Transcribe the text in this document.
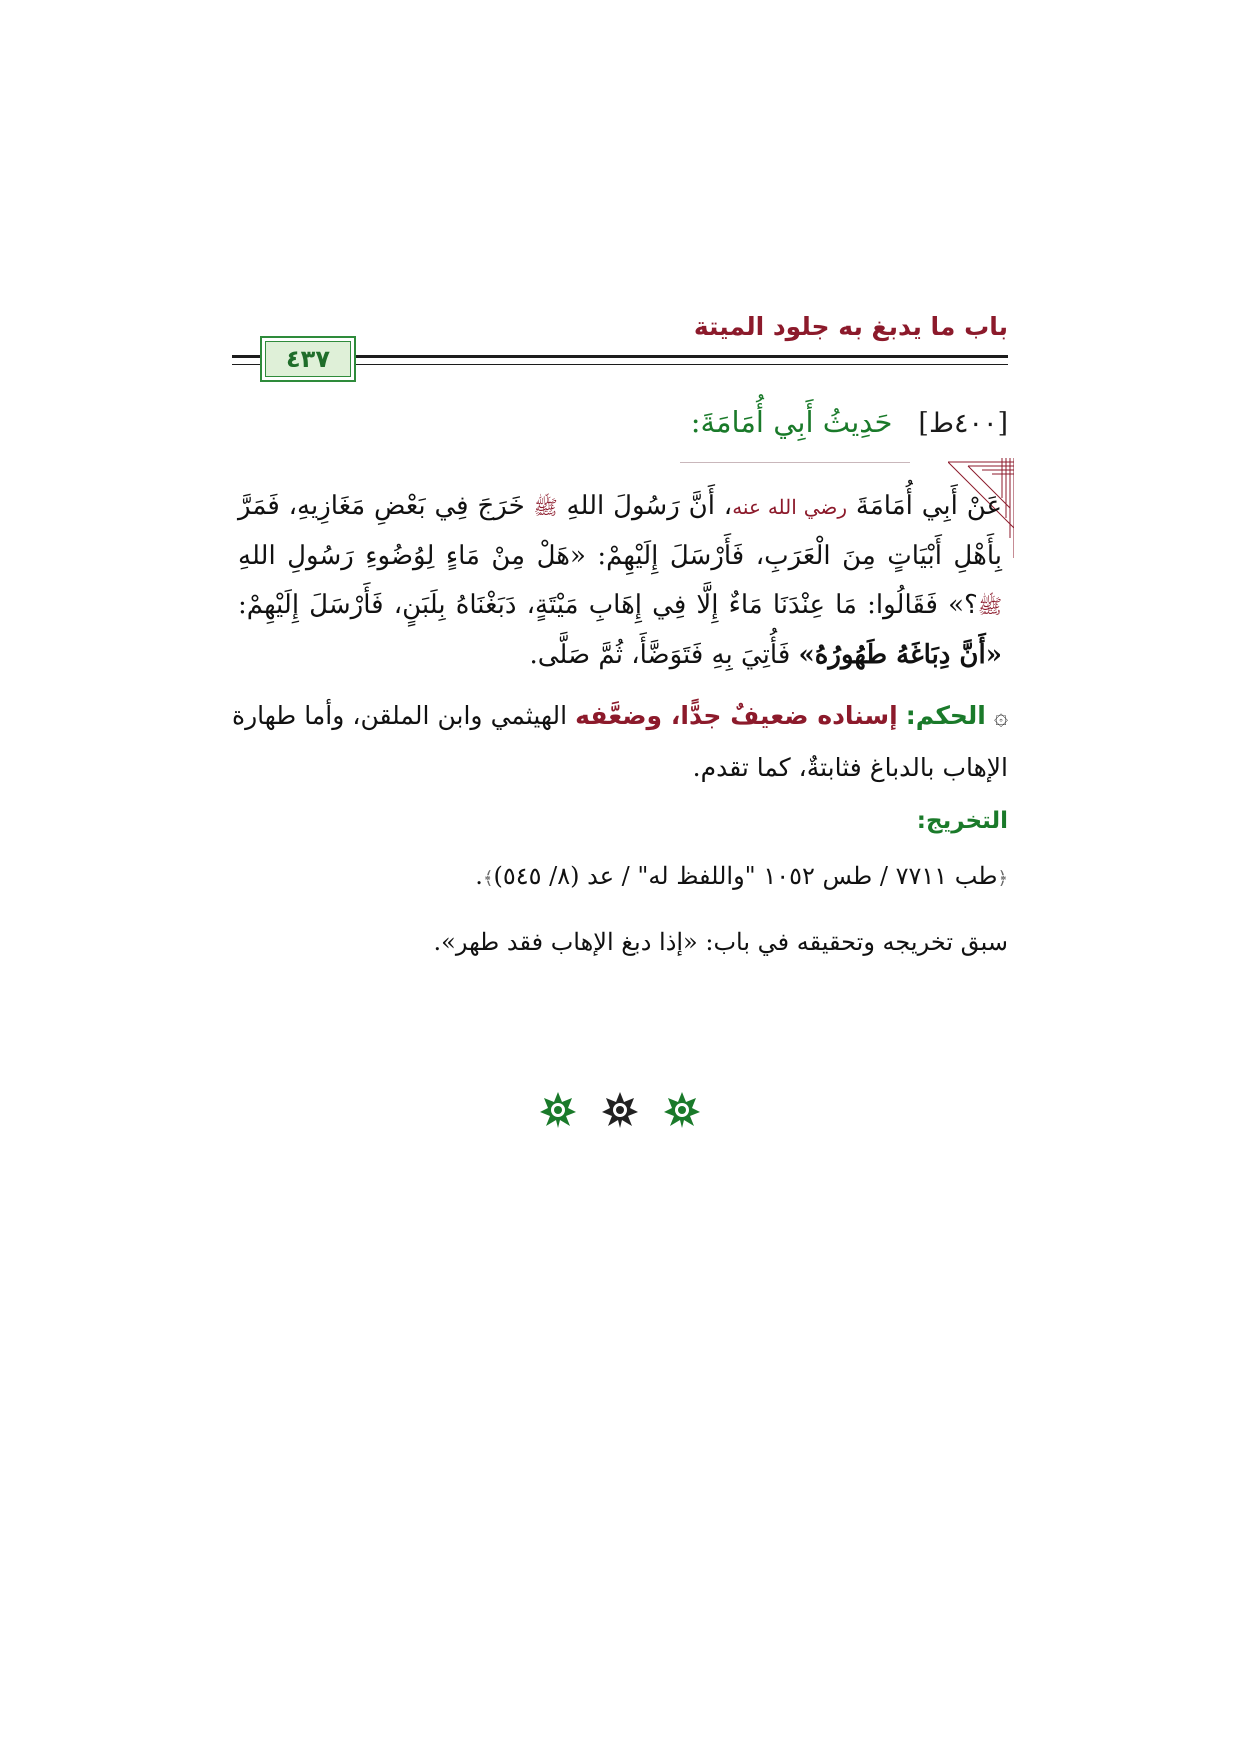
باب ما يدبغ به جلود الميتة
٤٣٧
[٤٠٠ط]
حَدِيثُ أَبِي أُمَامَةَ:
عَنْ أَبِي أُمَامَةَ رضي الله عنه، أَنَّ رَسُولَ اللهِ ﷺ خَرَجَ فِي بَعْضِ مَغَازِيهِ، فَمَرَّ بِأَهْلِ أَبْيَاتٍ مِنَ الْعَرَبِ، فَأَرْسَلَ إِلَيْهِمْ: «هَلْ مِنْ مَاءٍ لِوُضُوءِ رَسُولِ اللهِ ﷺ؟» فَقَالُوا: مَا عِنْدَنَا مَاءٌ إِلَّا فِي إِهَابِ مَيْتَةٍ، دَبَغْنَاهُ بِلَبَنٍ، فَأَرْسَلَ إِلَيْهِمْ: «أَنَّ دِبَاغَهُ طَهُورُهُ» فَأُتِيَ بِهِ فَتَوَضَّأَ، ثُمَّ صَلَّى.
۞ الحكم: إسناده ضعيفٌ جدًّا، وضعَّفه الهيثمي وابن الملقن، وأما طهارة الإهاب بالدباغ فثابتةٌ، كما تقدم.
التخريج:
﴿طب ٧٧١١ / طس ١٠٥٢ "واللفظ له" / عد (٨/ ٥٤٥)﴾.
سبق تخريجه وتحقيقه في باب: «إذا دبغ الإهاب فقد طهر».
